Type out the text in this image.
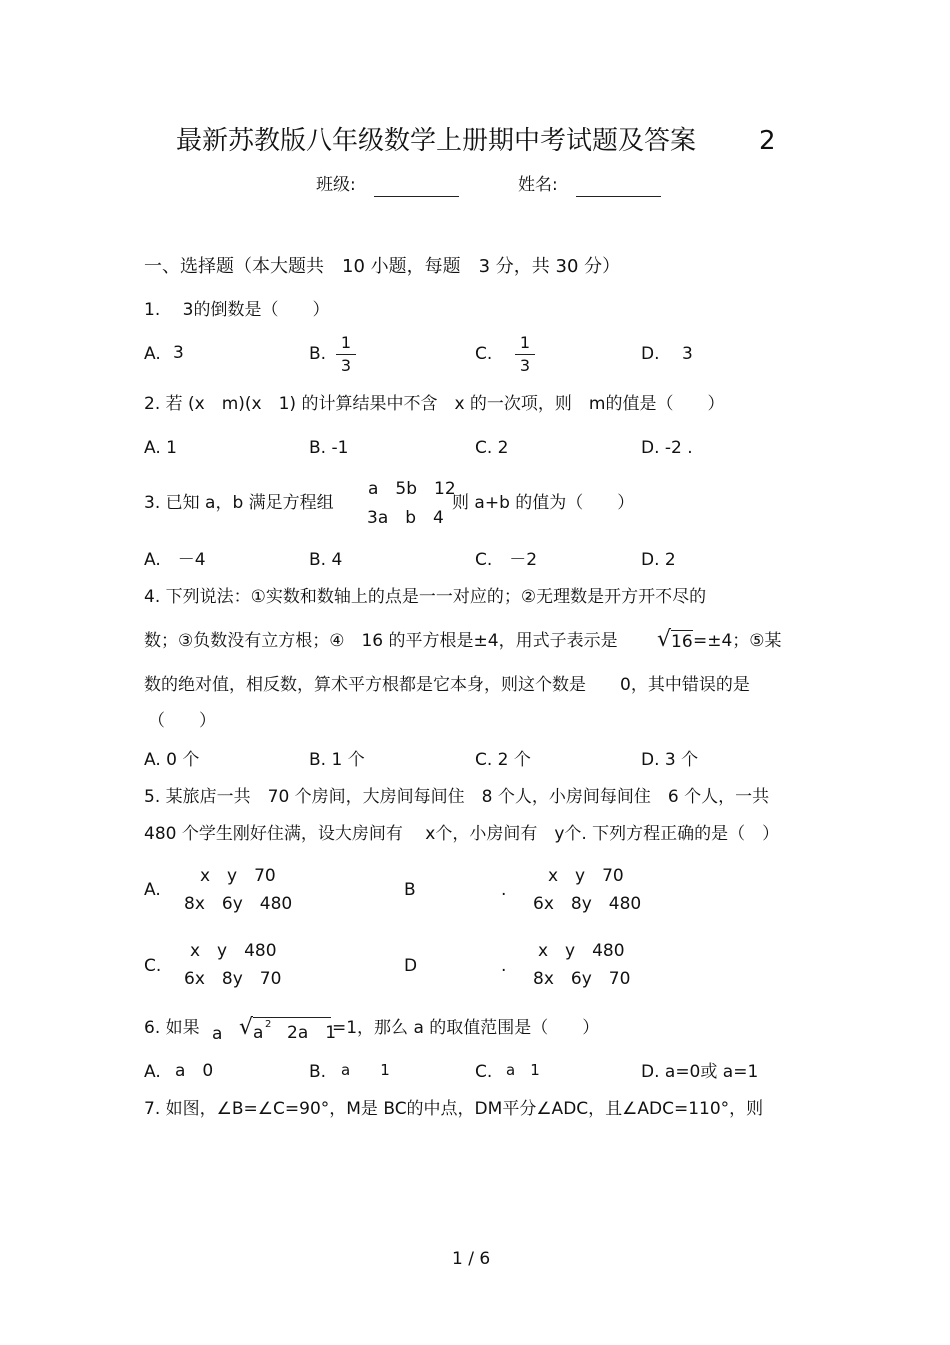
最新苏教版八年级数学上册期中考试题及答案 2
班级:	姓名:
一、选择题（本大题共　10 小题，每题　3 分，共 30 分）
1.　 3的倒数是（　　）
A. 3	B.
1
3
C.
1
3
D. 3
2. 若 (x　m)(x　1) 的计算结果中不含　x 的一次项，则　m的值是（　　）
A. 1	B. -1	C. 2	D. -2 .
3. 已知 a，b 满足方程组
a　5b　12
3a　b　4
则 a+b 的值为（　　）
A.　－4	B. 4	C.　－2	D. 2
4. 下列说法：①实数和数轴上的点是一一对应的；②无理数是开方开不尽的
数；③负数没有立方根；④　16 的平方根是±4，用式子表示是 √ 16 =±4；⑤某
数的绝对值，相反数，算术平方根都是它本身，则这个数是　　0，其中错误的是
（　　）
A. 0 个	B. 1 个	C. 2 个	D. 3 个
5. 某旅店一共　70 个房间，大房间每间住　8 个人，小房间每间住　6 个人，一共
480 个学生刚好住满，设大房间有　 x个，小房间有　y个. 下列方程正确的是（　）
A.
x　y　70
8x　6y　480
B	.
x　y　70
6x　8y　480
C.
x　y　480
6x　8y　70
D	.
x　y　480
8x　6y　70
6. 如果 a √ a 2 2a　1
=1，那么 a 的取值范围是（　　）
A. a　0	B. a　　1	C. a　1	D. a=0或 a=1
7. 如图，∠B=∠C=90°，M是 BC的中点，DM平分∠ADC，且∠ADC=110°，则
1 / 6
